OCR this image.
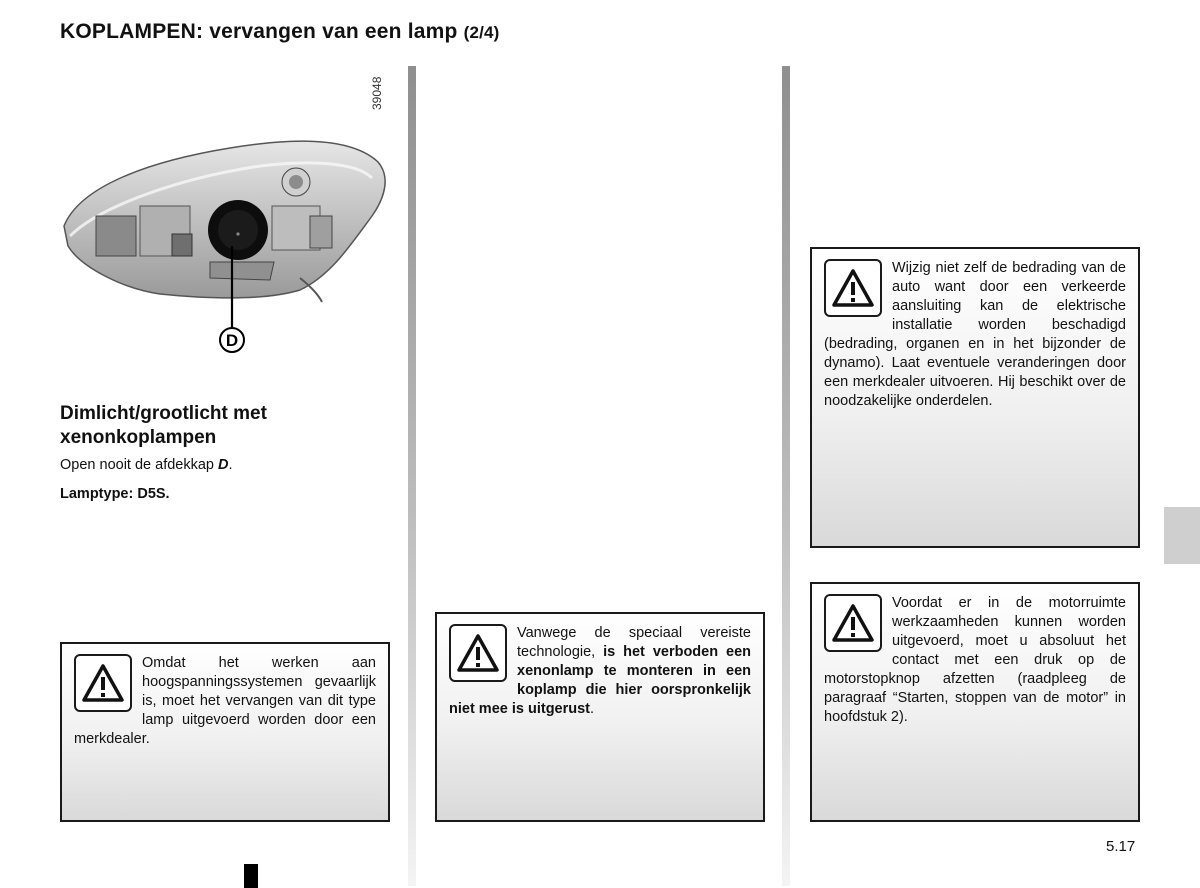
KOPLAMPEN: vervangen van een lamp (2/4)
D
39048
Dimlicht/grootlicht met xenonkoplampen
Open nooit de afdekkap D.
Lamptype: D5S.
Omdat het werken aan hoogspanningssystemen gevaarlijk is, moet het vervangen van dit type lamp uitgevoerd worden door een merkdealer.
Vanwege de speciaal vereiste technologie, is het verboden een xenonlamp te monteren in een koplamp die hier oorspronkelijk niet mee is uitgerust.
Wijzig niet zelf de bedrading van de auto want door een verkeerde aansluiting kan de elektrische installatie worden beschadigd (bedrading, organen en in het bijzonder de dynamo). Laat eventuele veranderingen door een merkdealer uitvoeren. Hij beschikt over de noodzakelijke onderdelen.
Voordat er in de motorruimte werkzaamheden kunnen worden uitgevoerd, moet u absoluut het contact met een druk op de motorstopknop afzetten (raadpleeg de paragraaf “Starten, stoppen van de motor” in hoofdstuk 2).
5.17
